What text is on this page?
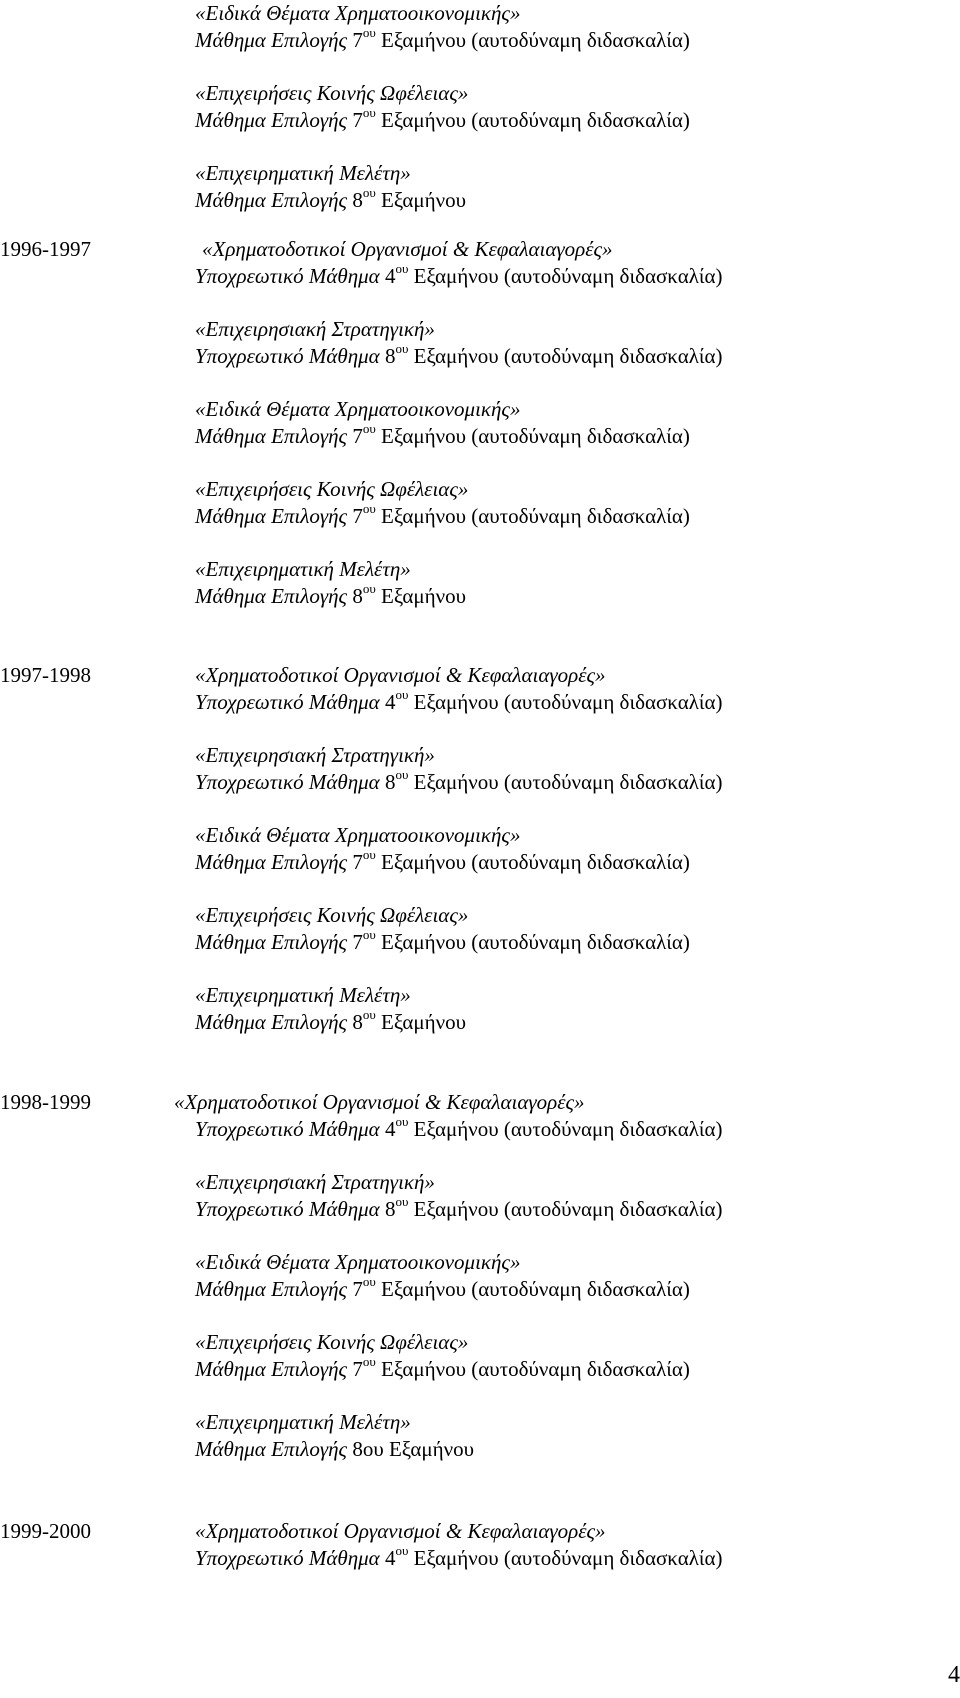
«Ειδικά Θέματα Χρηματοοικονομικής»
Μάθημα Επιλογής $7^{o\upsilon}$ Εξαμήνου (αυτοδύναμη διδασκαλία)
«Επιχειρήσεις Κοινής Ωφέλειας»
Μάθημα Επιλογής $7^{o\upsilon}$ Εξαμήνου (αυτοδύναμη διδασκαλία)
«Επιχειρηματική Μελέτη»
Μάθημα Επιλογής $8^{o\upsilon}$ Εξαμήνου
1996-1997	«Χρηματοδοτικοί Οργανισμοί & Κεφαλαιαγορές»
Υποχρεωτικό Μάθημα $4^{o\upsilon}$ Εξαμήνου (αυτοδύναμη διδασκαλία)
«Επιχειρησιακή Στρατηγική»
Υποχρεωτικό Μάθημα $8^{o\upsilon}$ Εξαμήνου (αυτοδύναμη διδασκαλία)
«Ειδικά Θέματα Χρηματοοικονομικής»
Μάθημα Επιλογής $7^{o\upsilon}$ Εξαμήνου (αυτοδύναμη διδασκαλία)
«Επιχειρήσεις Κοινής Ωφέλειας»
Μάθημα Επιλογής $7^{o\upsilon}$ Εξαμήνου (αυτοδύναμη διδασκαλία)
«Επιχειρηματική Μελέτη»
Μάθημα Επιλογής $8^{o\upsilon}$ Εξαμήνου
1997-1998	«Χρηματοδοτικοί Οργανισμοί & Κεφαλαιαγορές»
Υποχρεωτικό Μάθημα $4^{o\upsilon}$ Εξαμήνου (αυτοδύναμη διδασκαλία)
«Επιχειρησιακή Στρατηγική»
Υποχρεωτικό Μάθημα $8^{o\upsilon}$ Εξαμήνου (αυτοδύναμη διδασκαλία)
«Ειδικά Θέματα Χρηματοοικονομικής»
Μάθημα Επιλογής $7^{o\upsilon}$ Εξαμήνου (αυτοδύναμη διδασκαλία)
«Επιχειρήσεις Κοινής Ωφέλειας»
Μάθημα Επιλογής $7^{o\upsilon}$ Εξαμήνου (αυτοδύναμη διδασκαλία)
«Επιχειρηματική Μελέτη»
Μάθημα Επιλογής $8^{o\upsilon}$ Εξαμήνου
1998-1999	«Χρηματοδοτικοί Οργανισμοί & Κεφαλαιαγορές»
Υποχρεωτικό Μάθημα $4^{o\upsilon}$ Εξαμήνου (αυτοδύναμη διδασκαλία)
«Επιχειρησιακή Στρατηγική»
Υποχρεωτικό Μάθημα $8^{o\upsilon}$ Εξαμήνου (αυτοδύναμη διδασκαλία)
«Ειδικά Θέματα Χρηματοοικονομικής»
Μάθημα Επιλογής $7^{o\upsilon}$ Εξαμήνου (αυτοδύναμη διδασκαλία)
«Επιχειρήσεις Κοινής Ωφέλειας»
Μάθημα Επιλογής $7^{o\upsilon}$ Εξαμήνου (αυτοδύναμη διδασκαλία)
«Επιχειρηματική Μελέτη»
Μάθημα Επιλογής 8ου Εξαμήνου
1999-2000	«Χρηματοδοτικοί Οργανισμοί & Κεφαλαιαγορές»
Υποχρεωτικό Μάθημα $4^{o\upsilon}$ Εξαμήνου (αυτοδύναμη διδασκαλία)
4
